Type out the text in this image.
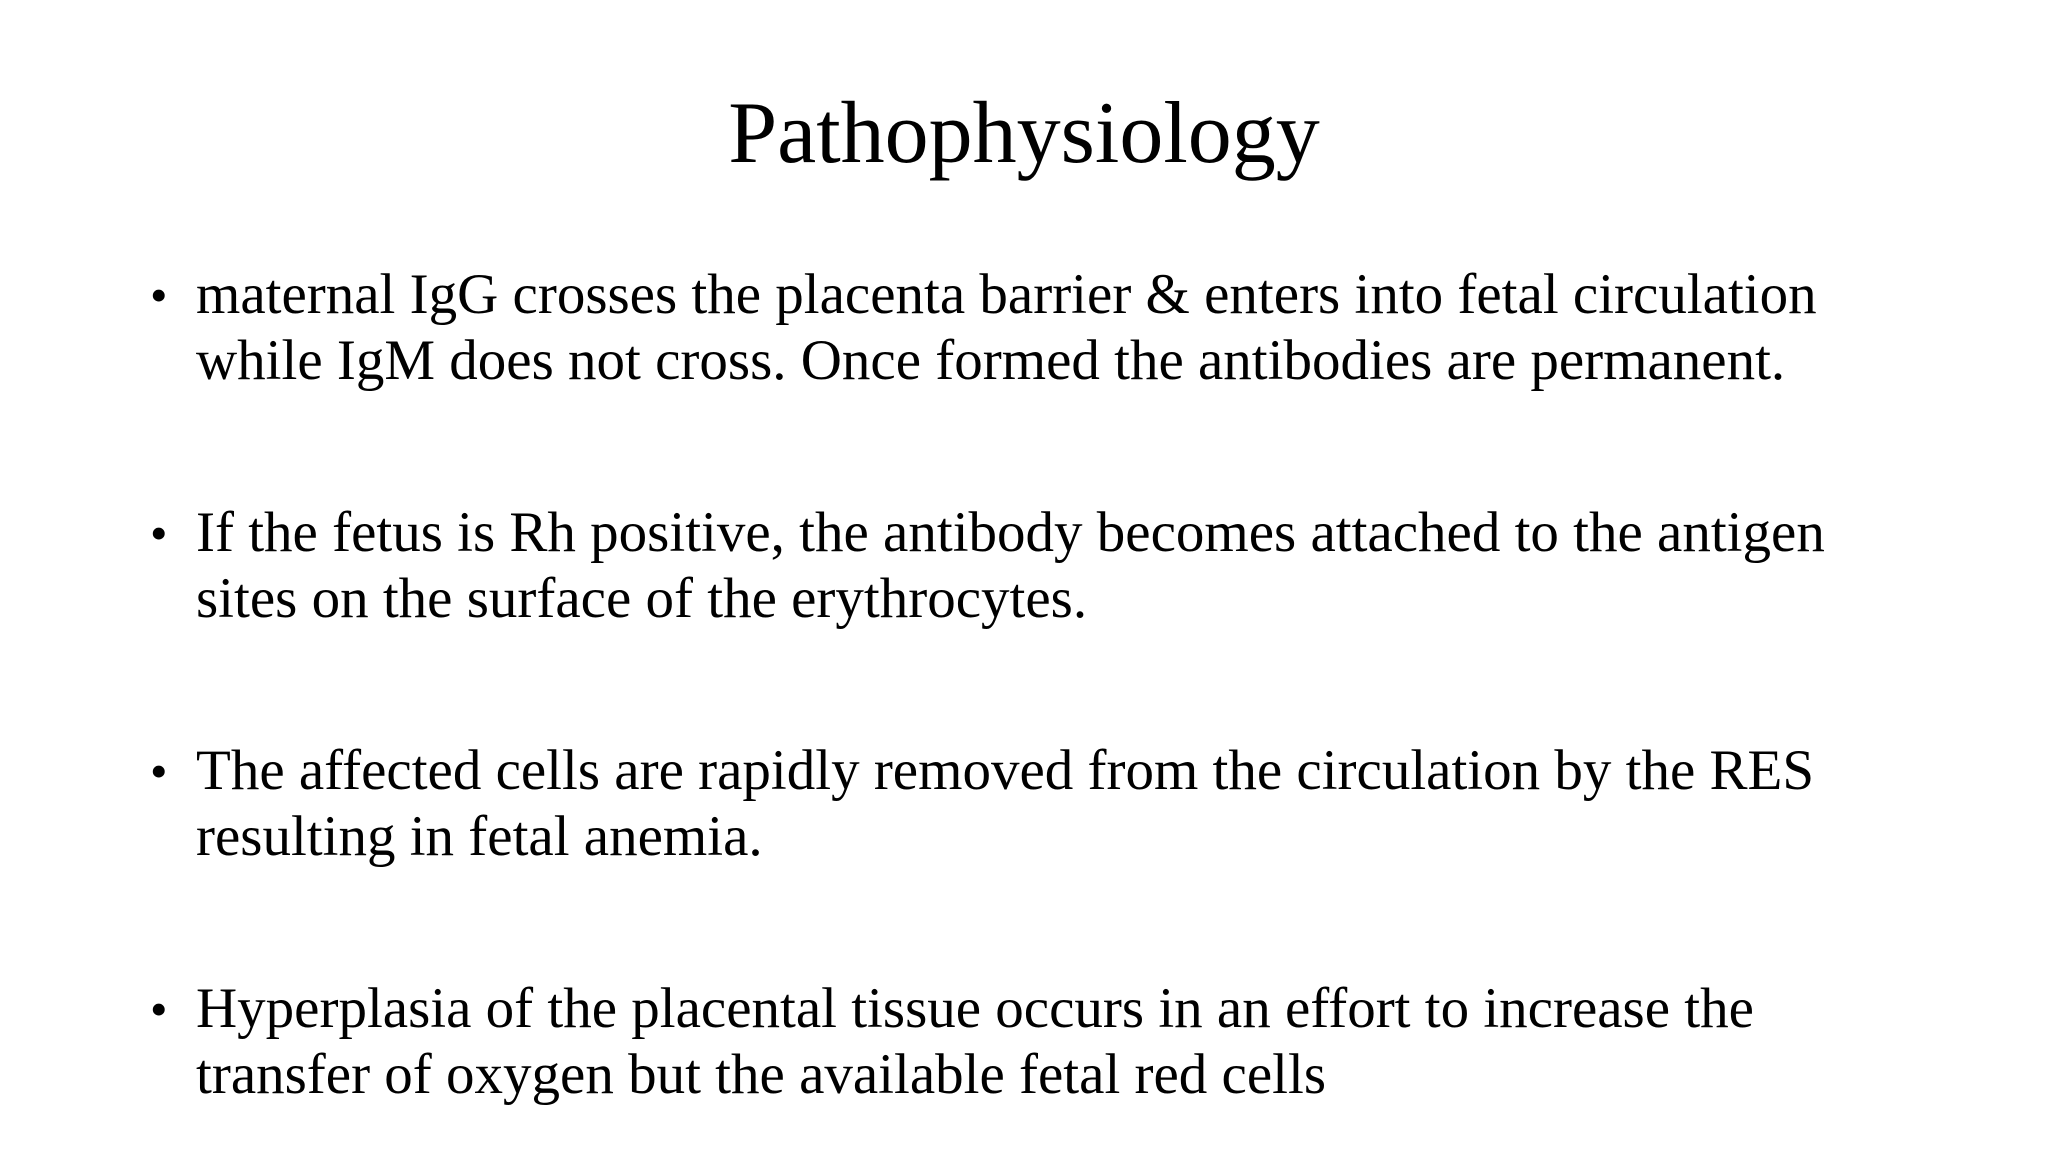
Pathophysiology
• maternal IgG crosses the placenta barrier & enters into fetal circulation
while IgM does not cross. Once formed the antibodies are permanent.
• If the fetus is Rh positive, the antibody becomes attached to the antigen
sites on the surface of the erythrocytes.
• The affected cells are rapidly removed from the circulation by the RES
resulting in fetal anemia.
• Hyperplasia of the placental tissue occurs in an effort to increase the
transfer of oxygen but the available fetal red cells
